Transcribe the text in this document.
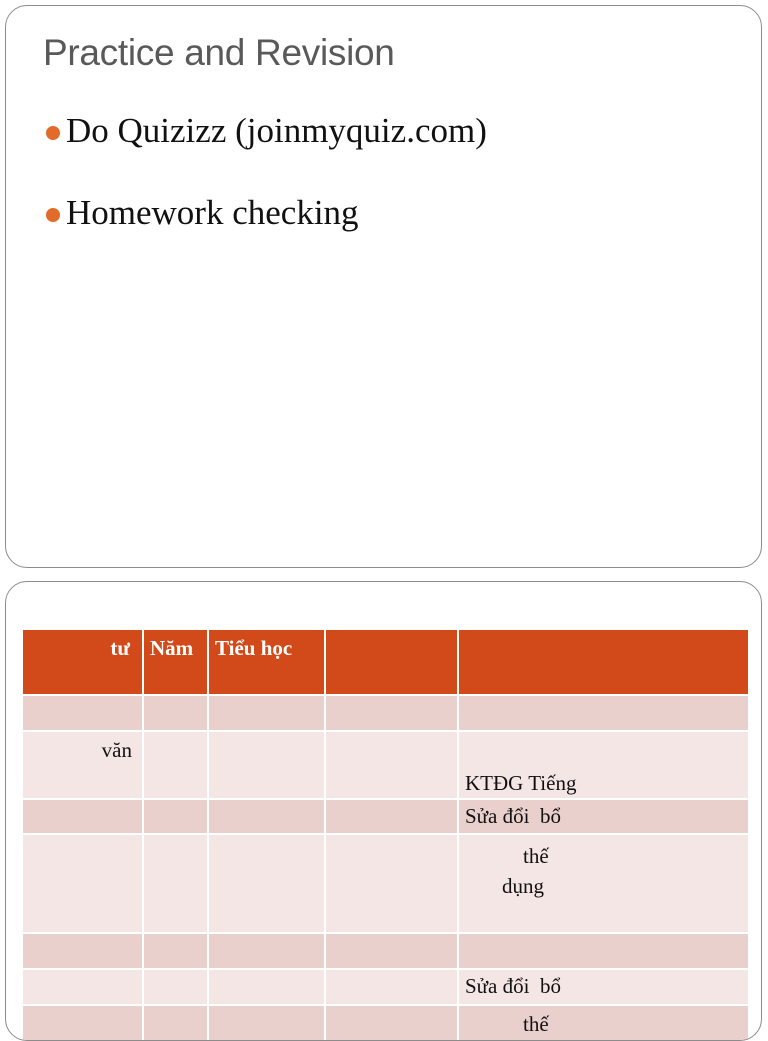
Practice and Revision
Do Quizizz (joinmyquiz.com)
Homework checking
tư	Năm	Tiểu học		

văn				KTĐG Tiếng
				Sửa đổi  bổ

				thế
dụng

				Sửa đổi  bổ
				thế
